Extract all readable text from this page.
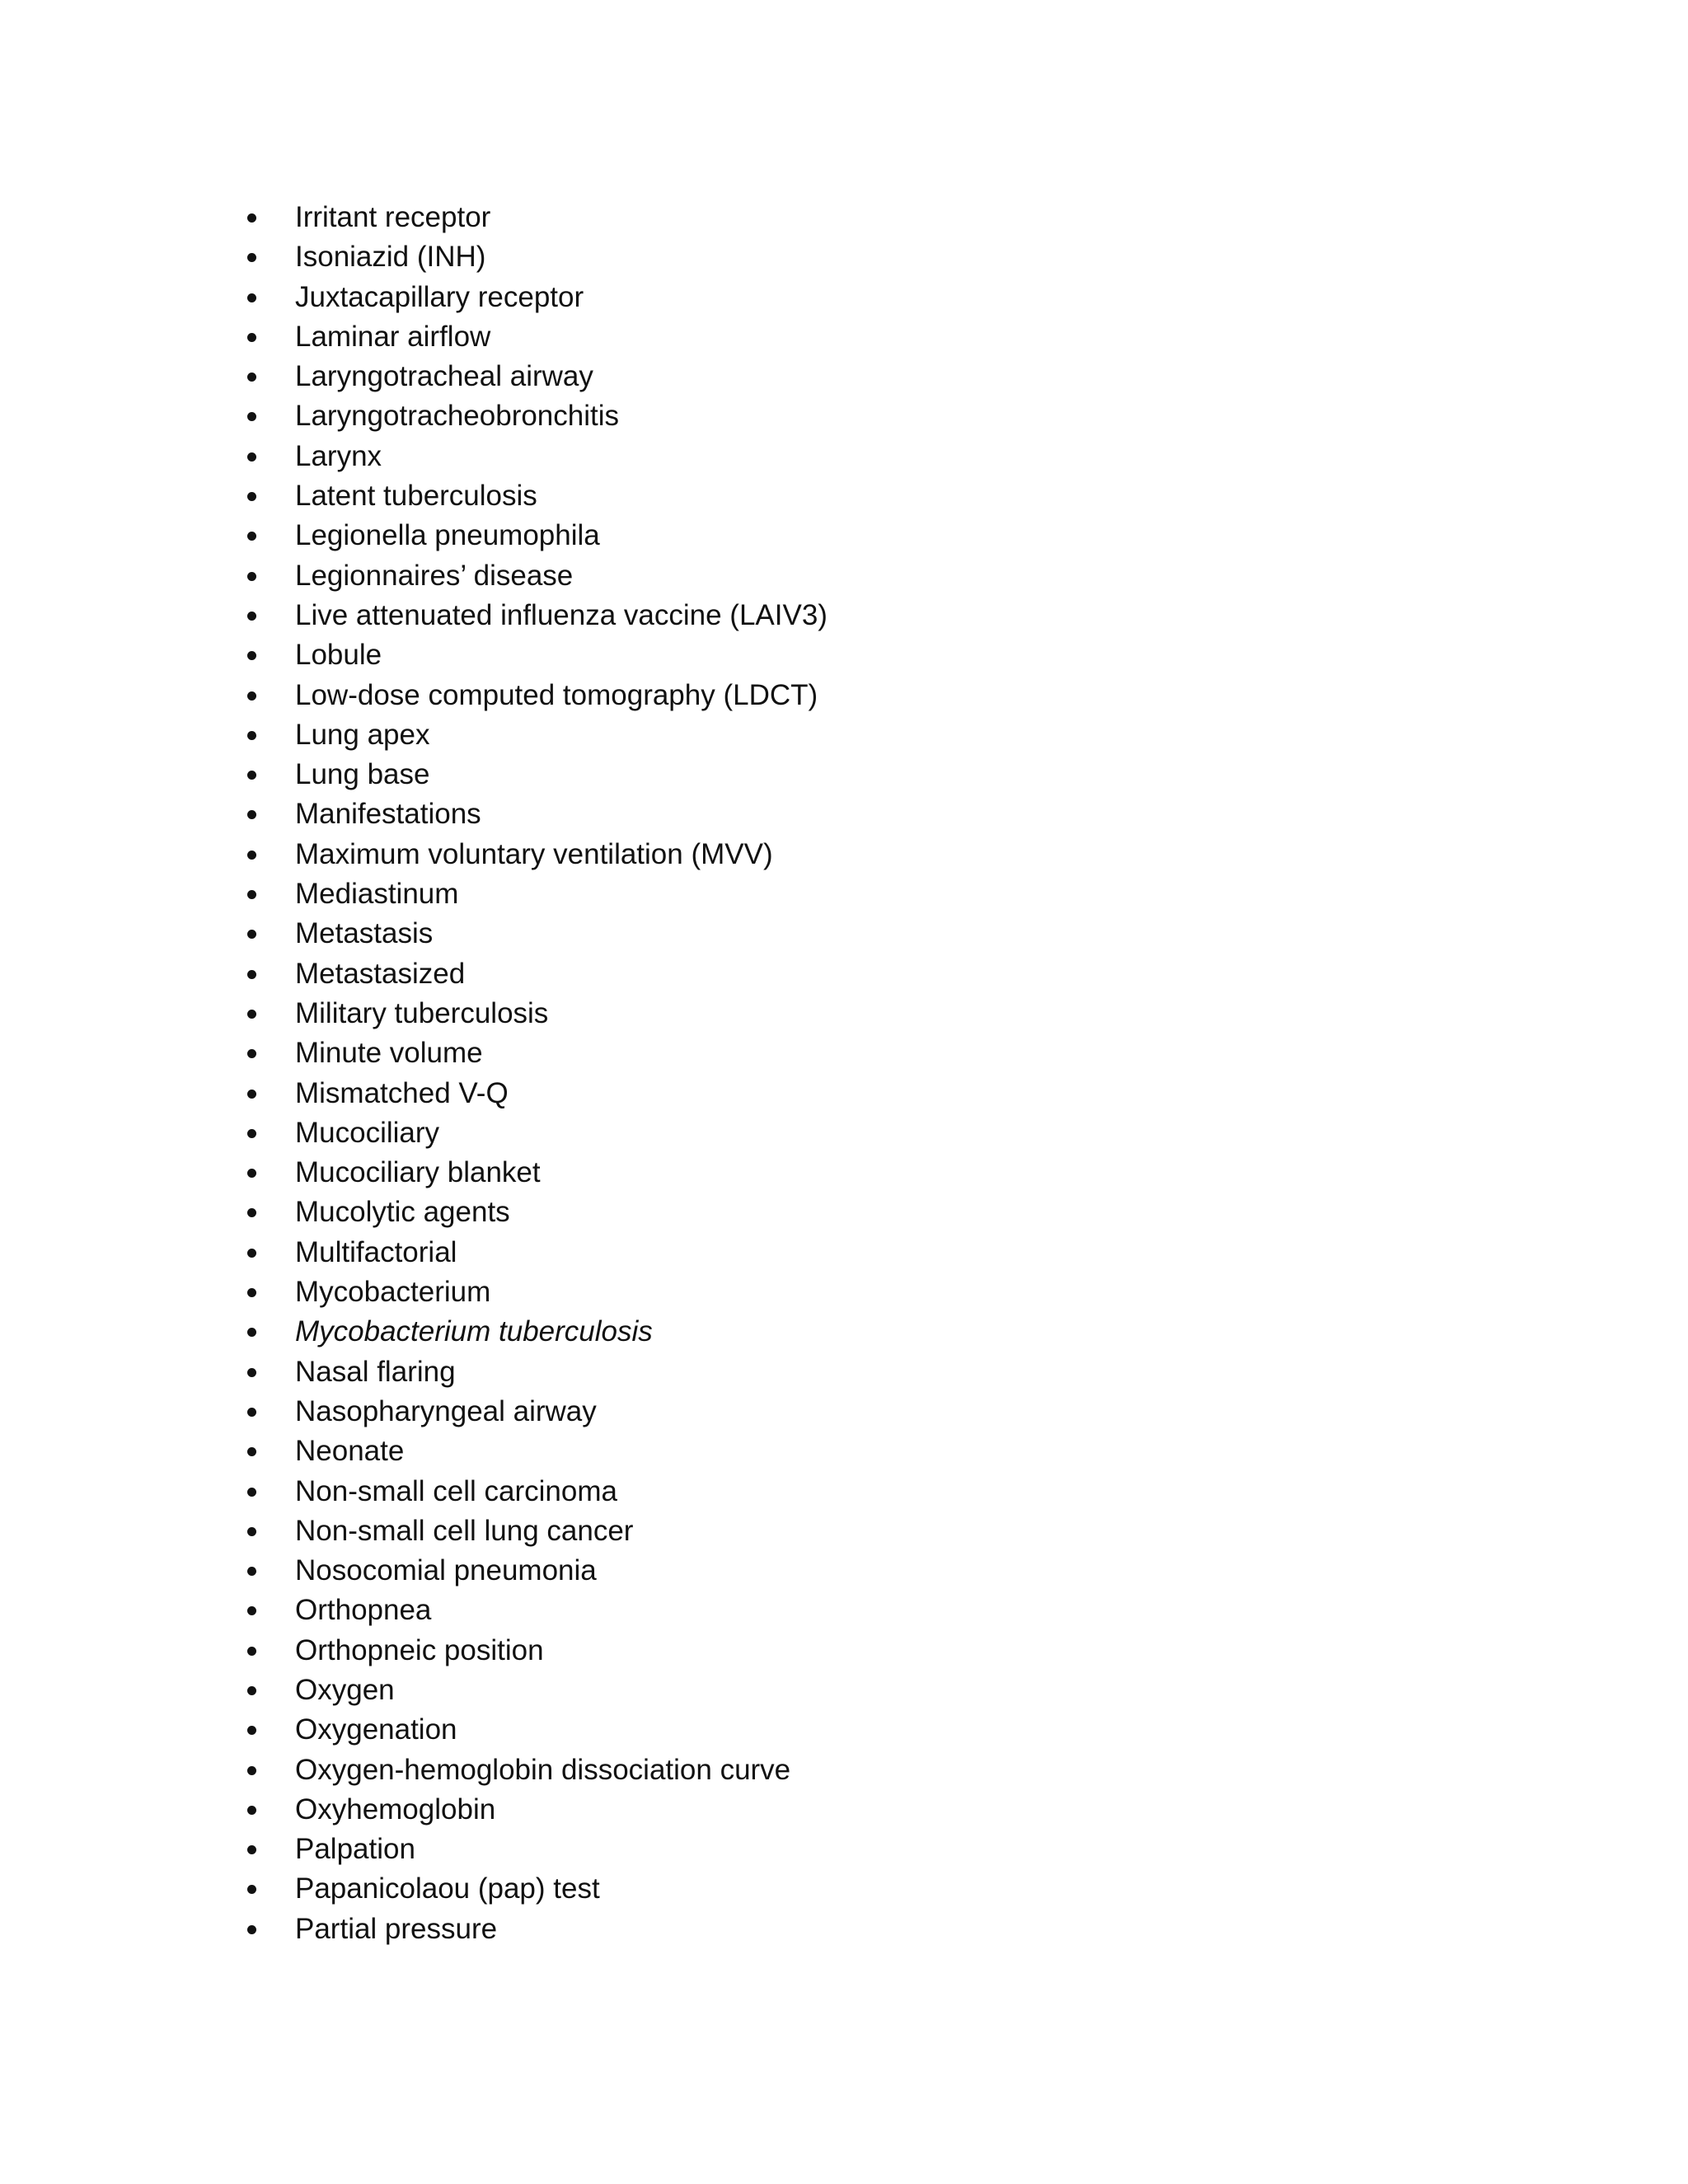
Irritant receptor
Isoniazid (INH)
Juxtacapillary receptor
Laminar airflow
Laryngotracheal airway
Laryngotracheobronchitis
Larynx
Latent tuberculosis
Legionella pneumophila
Legionnaires’ disease
Live attenuated influenza vaccine (LAIV3)
Lobule
Low-dose computed tomography (LDCT)
Lung apex
Lung base
Manifestations
Maximum voluntary ventilation (MVV)
Mediastinum
Metastasis
Metastasized
Military tuberculosis
Minute volume
Mismatched V-Q
Mucociliary
Mucociliary blanket
Mucolytic agents
Multifactorial
Mycobacterium
Mycobacterium tuberculosis
Nasal flaring
Nasopharyngeal airway
Neonate
Non-small cell carcinoma
Non-small cell lung cancer
Nosocomial pneumonia
Orthopnea
Orthopneic position
Oxygen
Oxygenation
Oxygen-hemoglobin dissociation curve
Oxyhemoglobin
Palpation
Papanicolaou (pap) test
Partial pressure
